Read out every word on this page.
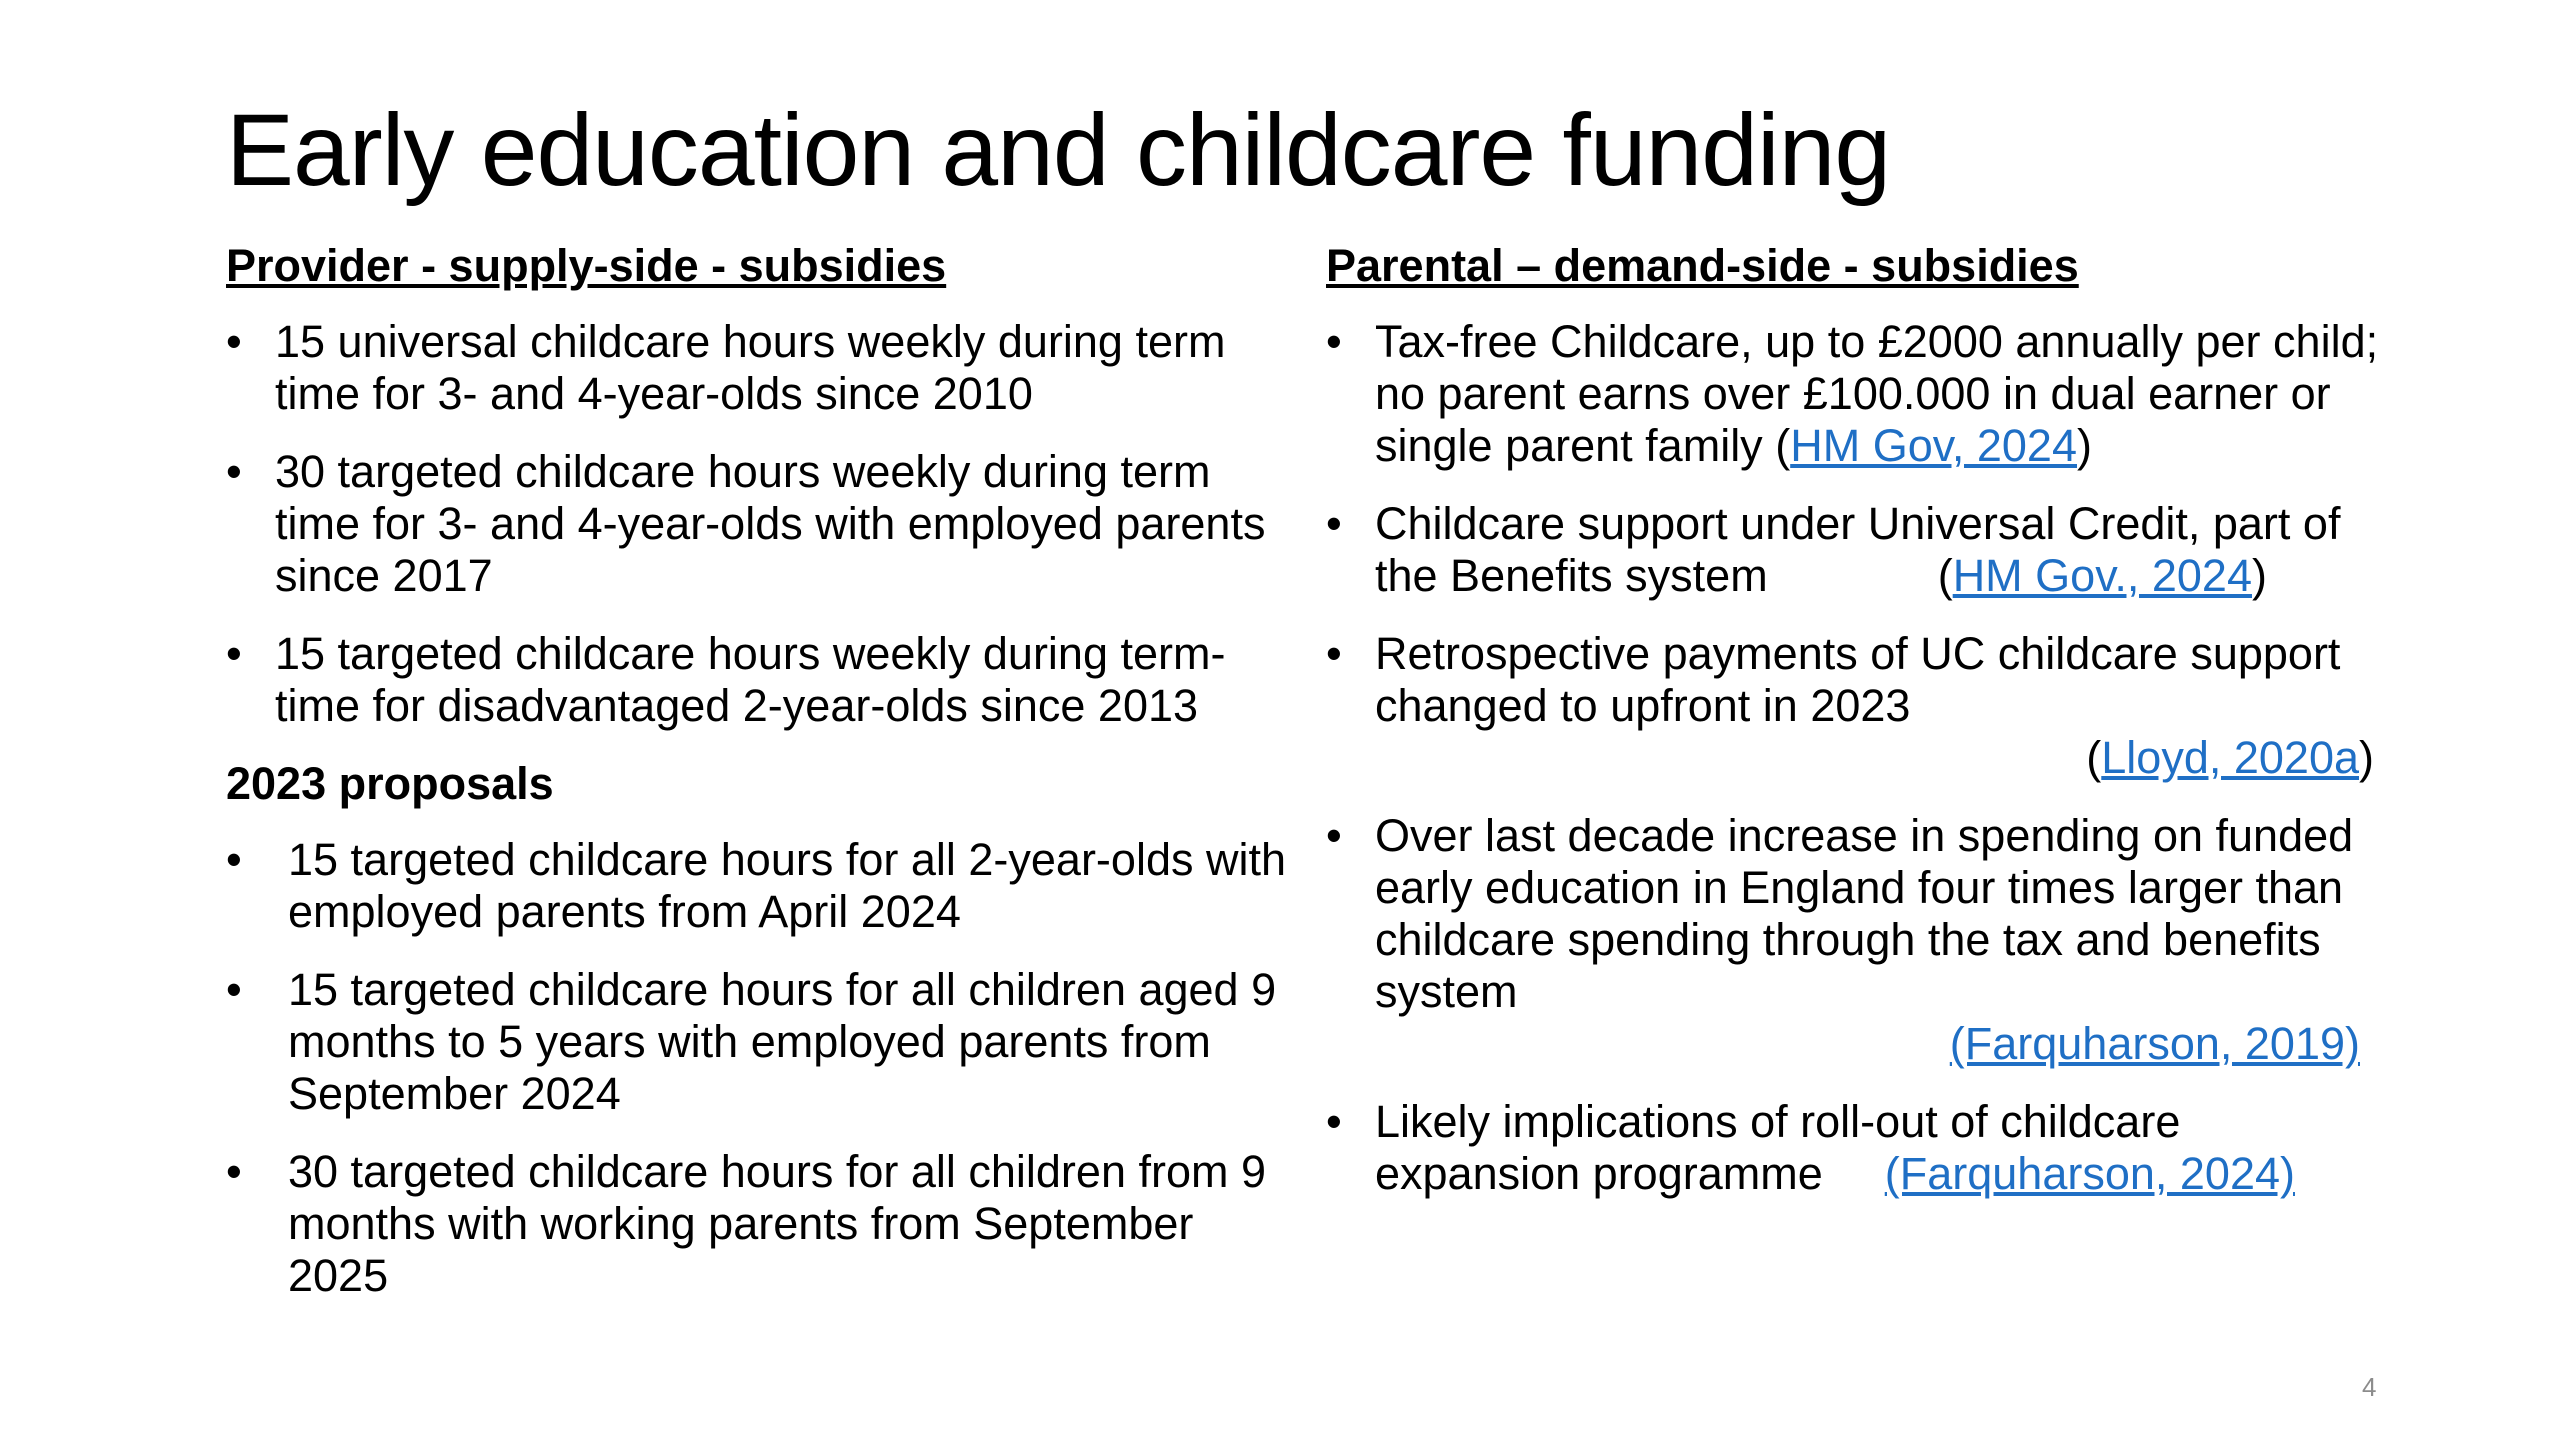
Early education and childcare funding
Provider - supply-side - subsidies
• 15 universal childcare hours weekly during term time for 3- and 4-year-olds since 2010
• 30 targeted childcare hours weekly during term time for 3- and 4-year-olds with employed parents since 2017
• 15 targeted childcare hours weekly during term-time for disadvantaged 2-year-olds since 2013
2023 proposals
•	15 targeted childcare hours for all 2-year-olds with employed parents from April 2024
•	15 targeted childcare hours for all children aged 9 months to 5 years with employed parents from September 2024
•	30 targeted childcare hours for all children from 9 months with working parents from September 2025
Parental – demand-side - subsidies
• Tax-free Childcare, up to £2000 annually per child; no parent earns over £100.000 in dual earner or single parent family (HM Gov, 2024)
• Childcare support under Universal Credit, part of the Benefits system	(HM Gov., 2024)
• Retrospective payments of UC childcare support changed to upfront in 2023
(Lloyd, 2020a)
• Over last decade increase in spending on funded early education in England four times larger than childcare spending through the tax and benefits system
(Farquharson, 2019)
• Likely implications of roll-out of childcare expansion programme (Farquharson, 2024)
4
